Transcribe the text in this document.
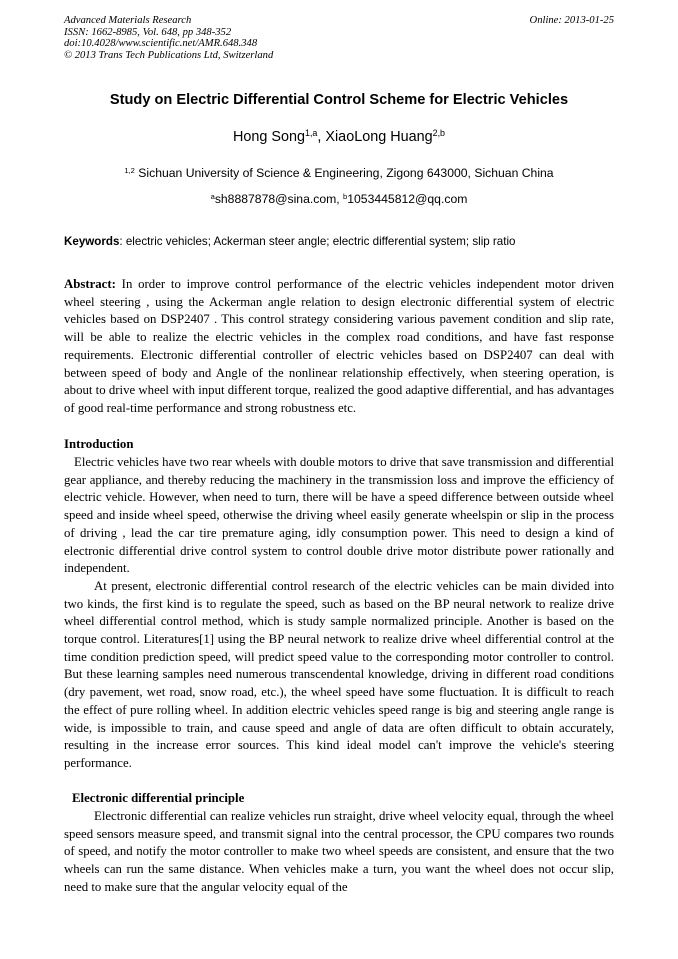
Advanced Materials Research
ISSN: 1662-8985, Vol. 648, pp 348-352
doi:10.4028/www.scientific.net/AMR.648.348
© 2013 Trans Tech Publications Ltd, Switzerland
Online: 2013-01-25
Study on Electric Differential Control Scheme for Electric Vehicles
Hong Song$^{1,a}$, XiaoLong Huang$^{2,b}$
$^{1,2}$ Sichuan University of Science & Engineering, Zigong 643000, Sichuan China
$^a$sh8887878@sina.com, $^b$1053445812@qq.com
Keywords: electric vehicles; Ackerman steer angle; electric differential system; slip ratio

Abstract: In order to improve control performance of the electric vehicles independent motor driven wheel steering , using the Ackerman angle relation to design electronic differential system of electric vehicles based on DSP2407 . This control strategy considering various pavement condition and slip rate, will be able to realize the electric vehicles in the complex road conditions, and have fast response requirements. Electronic differential controller of electric vehicles based on DSP2407 can deal with between speed of body and Angle of the nonlinear relationship effectively, when steering operation, is about to drive wheel with input different torque, realized the good adaptive differential, and has advantages of good real-time performance and strong robustness etc.

Introduction

Electric vehicles have two rear wheels with double motors to drive that save transmission and differential gear appliance, and thereby reducing the machinery in the transmission loss and improve the efficiency of electric vehicle. However, when need to turn, there will be have a speed difference between outside wheel speed and inside wheel speed, otherwise the driving wheel easily generate wheelspin or slip in the process of driving , lead the car tire premature aging, idly consumption power. This need to design a kind of electronic differential drive control system to control double drive motor distribute power rationally and independent.

At present, electronic differential control research of the electric vehicles can be main divided into two kinds, the first kind is to regulate the speed, such as based on the BP neural network to realize drive wheel differential control method, which is study sample normalized principle. Another is based on the torque control. Literatures[1] using the BP neural network to realize drive wheel differential control at the time condition prediction speed, will predict speed value to the corresponding motor controller to control. But these learning samples need numerous transcendental knowledge, driving in different road conditions (dry pavement, wet road, snow road, etc.), the wheel speed have some fluctuation. It is difficult to reach the effect of pure rolling wheel. In addition electric vehicles speed range is big and steering angle range is wide, is impossible to train, and cause speed and angle of data are often difficult to obtain accurately, resulting in the increase error sources. This kind ideal model can't improve the vehicle's steering performance.

Electronic differential principle

Electronic differential can realize vehicles run straight, drive wheel velocity equal, through the wheel speed sensors measure speed, and transmit signal into the central processor, the CPU compares two rounds of speed, and notify the motor controller to make two wheel speeds are consistent, and ensure that the two wheels can run the same distance. When vehicles make a turn, you want the wheel does not occur slip, need to make sure that the angular velocity equal of the
